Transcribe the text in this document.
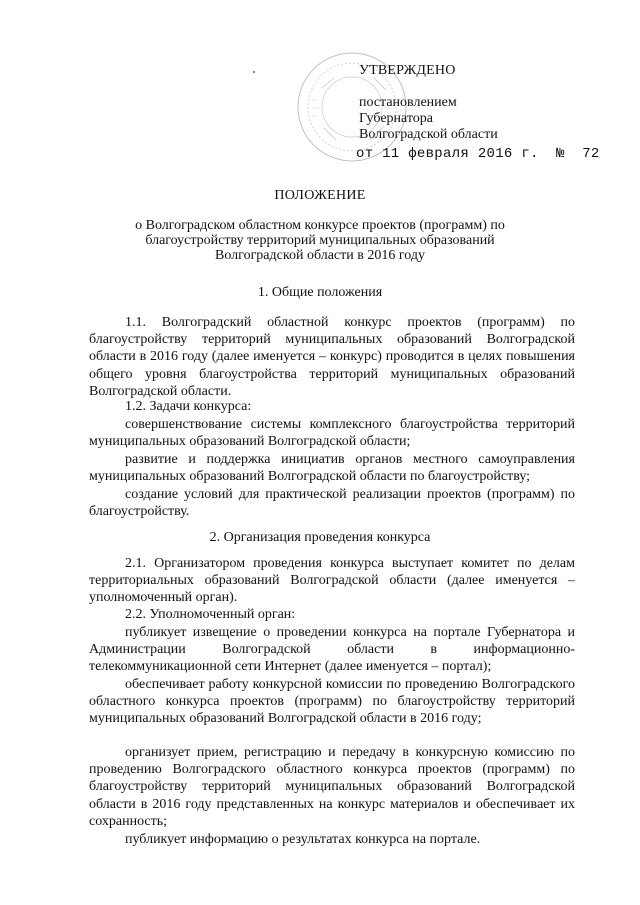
УТВЕРЖДЕНО
постановлением
Губернатора
Волгоградской области
от 11 февраля 2016 г.  №  72
ПОЛОЖЕНИЕ
о Волгоградском областном конкурсе проектов (программ) по благоустройству территорий муниципальных образований Волгоградской области в 2016 году
1. Общие положения

1.1. Волгоградский областной конкурс проектов (программ) по благоустройству территорий муниципальных образований Волгоградской области в 2016 году (далее именуется – конкурс) проводится в целях повышения общего уровня благоустройства территорий муниципальных образований Волгоградской области.

1.2. Задачи конкурса:

совершенствование системы комплексного благоустройства территорий муниципальных образований Волгоградской области;

развитие и поддержка инициатив органов местного самоуправления муниципальных образований Волгоградской области по благоустройству;

создание условий для практической реализации проектов (программ) по благоустройству.

2. Организация проведения конкурса

2.1. Организатором проведения конкурса выступает комитет по делам территориальных образований Волгоградской области (далее именуется – уполномоченный орган).

2.2. Уполномоченный орган:

публикует извещение о проведении конкурса на портале Губернатора и Администрации Волгоградской области в информационно-телекоммуникационной сети Интернет (далее именуется – портал);

обеспечивает работу конкурсной комиссии по проведению Волгоградского областного конкурса проектов (программ) по благоустройству территорий муниципальных образований Волгоградской области в 2016 году;

организует прием, регистрацию и передачу в конкурсную комиссию по проведению Волгоградского областного конкурса проектов (программ) по благоустройству территорий муниципальных образований Волгоградской области в 2016 году представленных на конкурс материалов и обеспечивает их сохранность;

публикует информацию о результатах конкурса на портале.
